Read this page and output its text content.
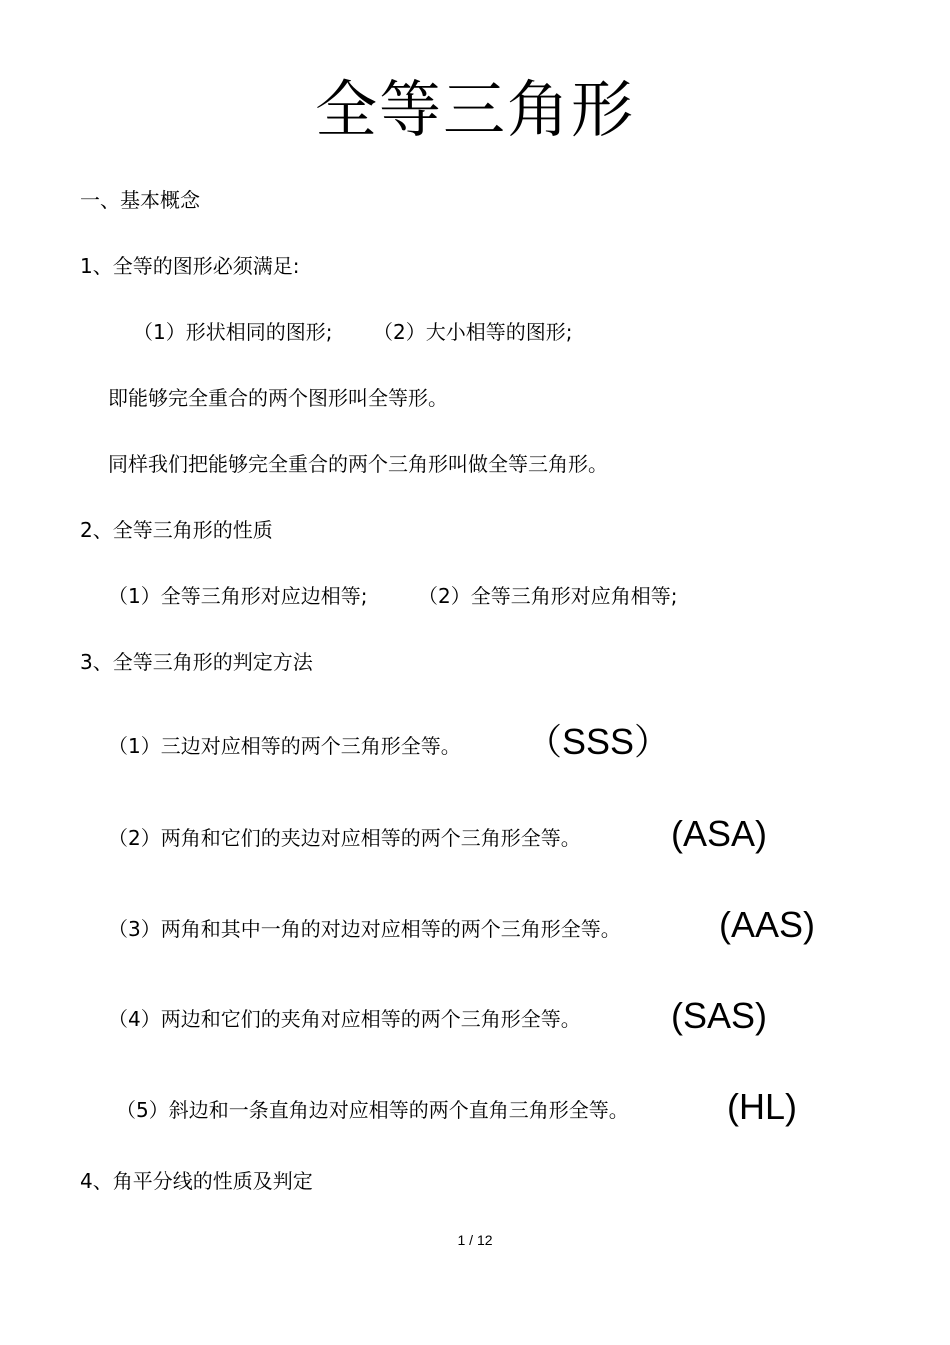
全等三角形
一、基本概念
1、全等的图形必须满足:
（1）形状相同的图形; （2）大小相等的图形;
即能够完全重合的两个图形叫全等形。
同样我们把能够完全重合的两个三角形叫做全等三角形。
2、全等三角形的性质
（1）全等三角形对应边相等;	（2）全等三角形对应角相等;
3、全等三角形的判定方法
（1）三边对应相等的两个三角形全等。 （SSS）
（2）两角和它们的夹边对应相等的两个三角形全等。	(ASA)
（3）两角和其中一角的对边对应相等的两个三角形全等。	(AAS)
（4）两边和它们的夹角对应相等的两个三角形全等。	(SAS)
（5）斜边和一条直角边对应相等的两个直角三角形全等。	(HL)
4、角平分线的性质及判定
1 / 12
